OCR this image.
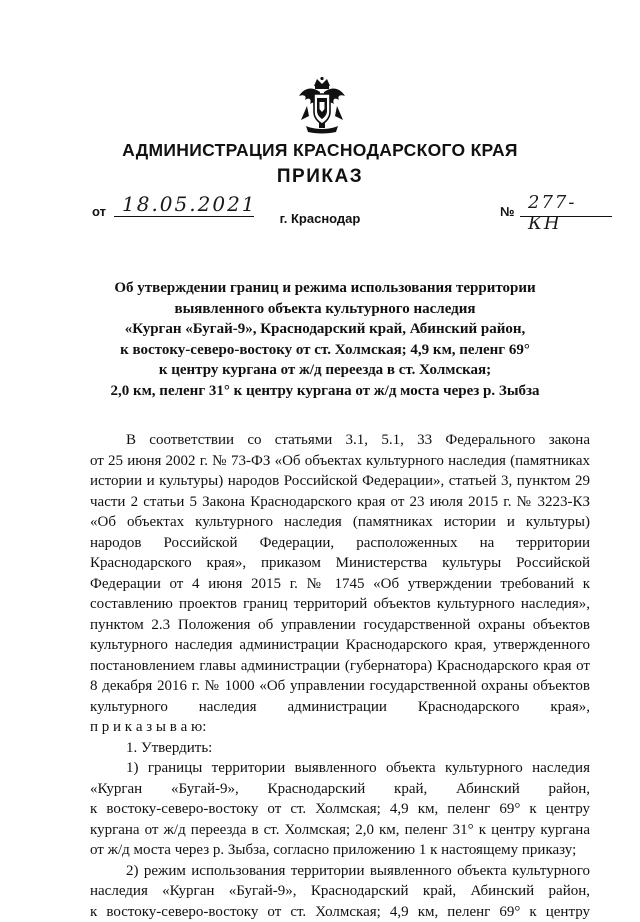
АДМИНИСТРАЦИЯ КРАСНОДАРСКОГО КРАЯ
ПРИКАЗ
от 18.05.2021	№ 277-КН
г. Краснодар
Об утверждении границ и режима использования территории
выявленного объекта культурного наследия
«Курган «Бугай-9», Краснодарский край, Абинский район,
к востоку-северо-востоку от ст. Холмская; 4,9 км, пеленг 69°
к центру кургана от ж/д переезда в ст. Холмская;
2,0 км, пеленг 31° к центру кургана от ж/д моста через р. Зыбза
В соответствии со статьями 3.1, 5.1, 33 Федерального закона
от 25 июня 2002 г. № 73-ФЗ «Об объектах культурного наследия (памятниках
истории и культуры) народов Российской Федерации», статьей 3, пунктом 29
части 2 статьи 5 Закона Краснодарского края от 23 июля 2015 г. № 3223-КЗ
«Об объектах культурного наследия (памятниках истории и культуры)
народов Российской Федерации, расположенных на территории
Краснодарского края», приказом Министерства культуры Российской
Федерации от 4 июня 2015 г. № 1745 «Об утверждении требований к
составлению проектов границ территорий объектов культурного наследия»,
пунктом 2.3 Положения об управлении государственной охраны объектов
культурного наследия администрации Краснодарского края, утвержденного
постановлением главы администрации (губернатора) Краснодарского края от
8 декабря 2016 г. № 1000 «Об управлении государственной охраны объектов
культурного наследия администрации Краснодарского края»,
п р и к а з ы в а ю:
1. Утвердить:
1) границы территории выявленного объекта культурного наследия
«Курган «Бугай-9», Краснодарский край, Абинский район,
к востоку-северо-востоку от ст. Холмская; 4,9 км, пеленг 69° к центру
кургана от ж/д переезда в ст. Холмская; 2,0 км, пеленг 31° к центру кургана
от ж/д моста через р. Зыбза, согласно приложению 1 к настоящему приказу;
2) режим использования территории выявленного объекта культурного
наследия «Курган «Бугай-9», Краснодарский край, Абинский район,
к востоку-северо-востоку от ст. Холмская; 4,9 км, пеленг 69° к центру
